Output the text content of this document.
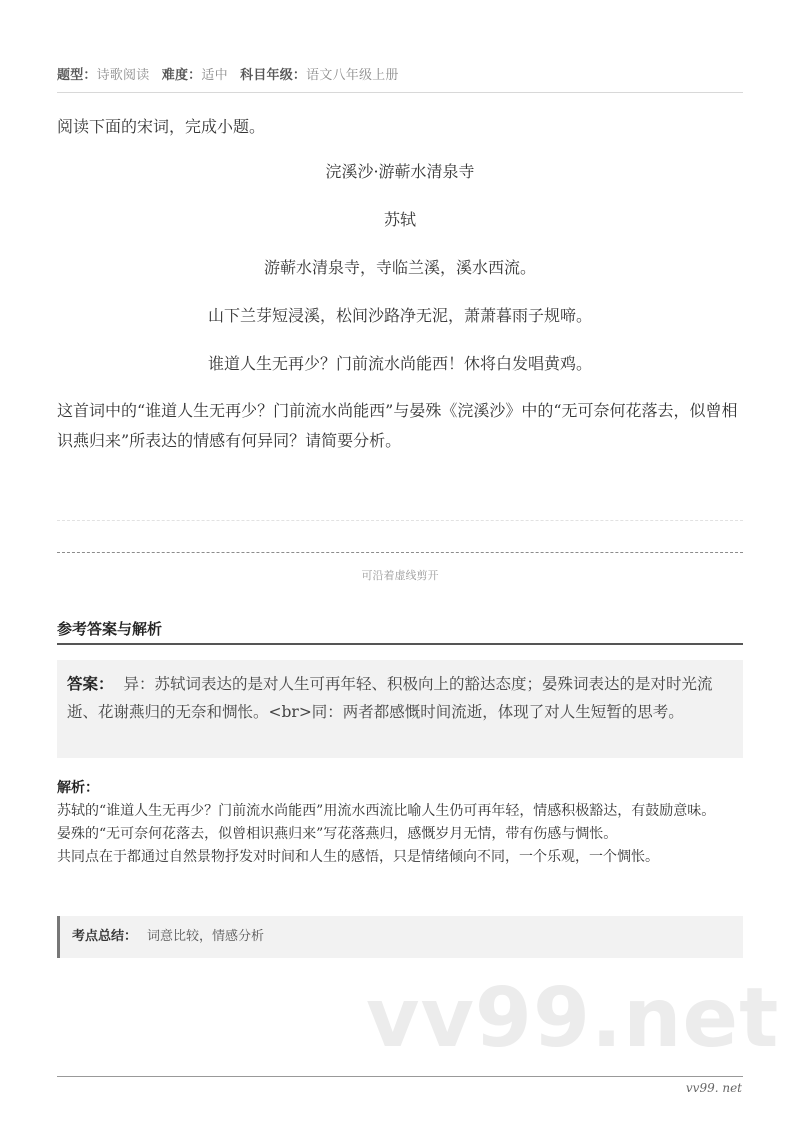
题型：诗歌阅读 难度：适中 科目年级：语文八年级上册
阅读下面的宋词，完成小题。
浣溪沙·游蕲水清泉寺
苏轼
游蕲水清泉寺，寺临兰溪，溪水西流。
山下兰芽短浸溪，松间沙路净无泥，萧萧暮雨子规啼。
谁道人生无再少？门前流水尚能西！休将白发唱黄鸡。
这首词中的“谁道人生无再少？门前流水尚能西”与晏殊《浣溪沙》中的“无可奈何花落去，似曾相识燕归来”所表达的情感有何异同？请简要分析。
可沿着虚线剪开
参考答案与解析
答案： 异：苏轼词表达的是对人生可再年轻、积极向上的豁达态度；晏殊词表达的是对时光流逝、花谢燕归的无奈和惆怅。<br>同：两者都感慨时间流逝，体现了对人生短暂的思考。
解析：

苏轼的“谁道人生无再少？门前流水尚能西”用流水西流比喻人生仍可再年轻，情感积极豁达，有鼓励意味。

晏殊的“无可奈何花落去，似曾相识燕归来”写花落燕归，感慨岁月无情，带有伤感与惆怅。

共同点在于都通过自然景物抒发对时间和人生的感悟，只是情绪倾向不同，一个乐观，一个惆怅。

考点总结： 词意比较，情感分析
vv99.net
vv99. net
